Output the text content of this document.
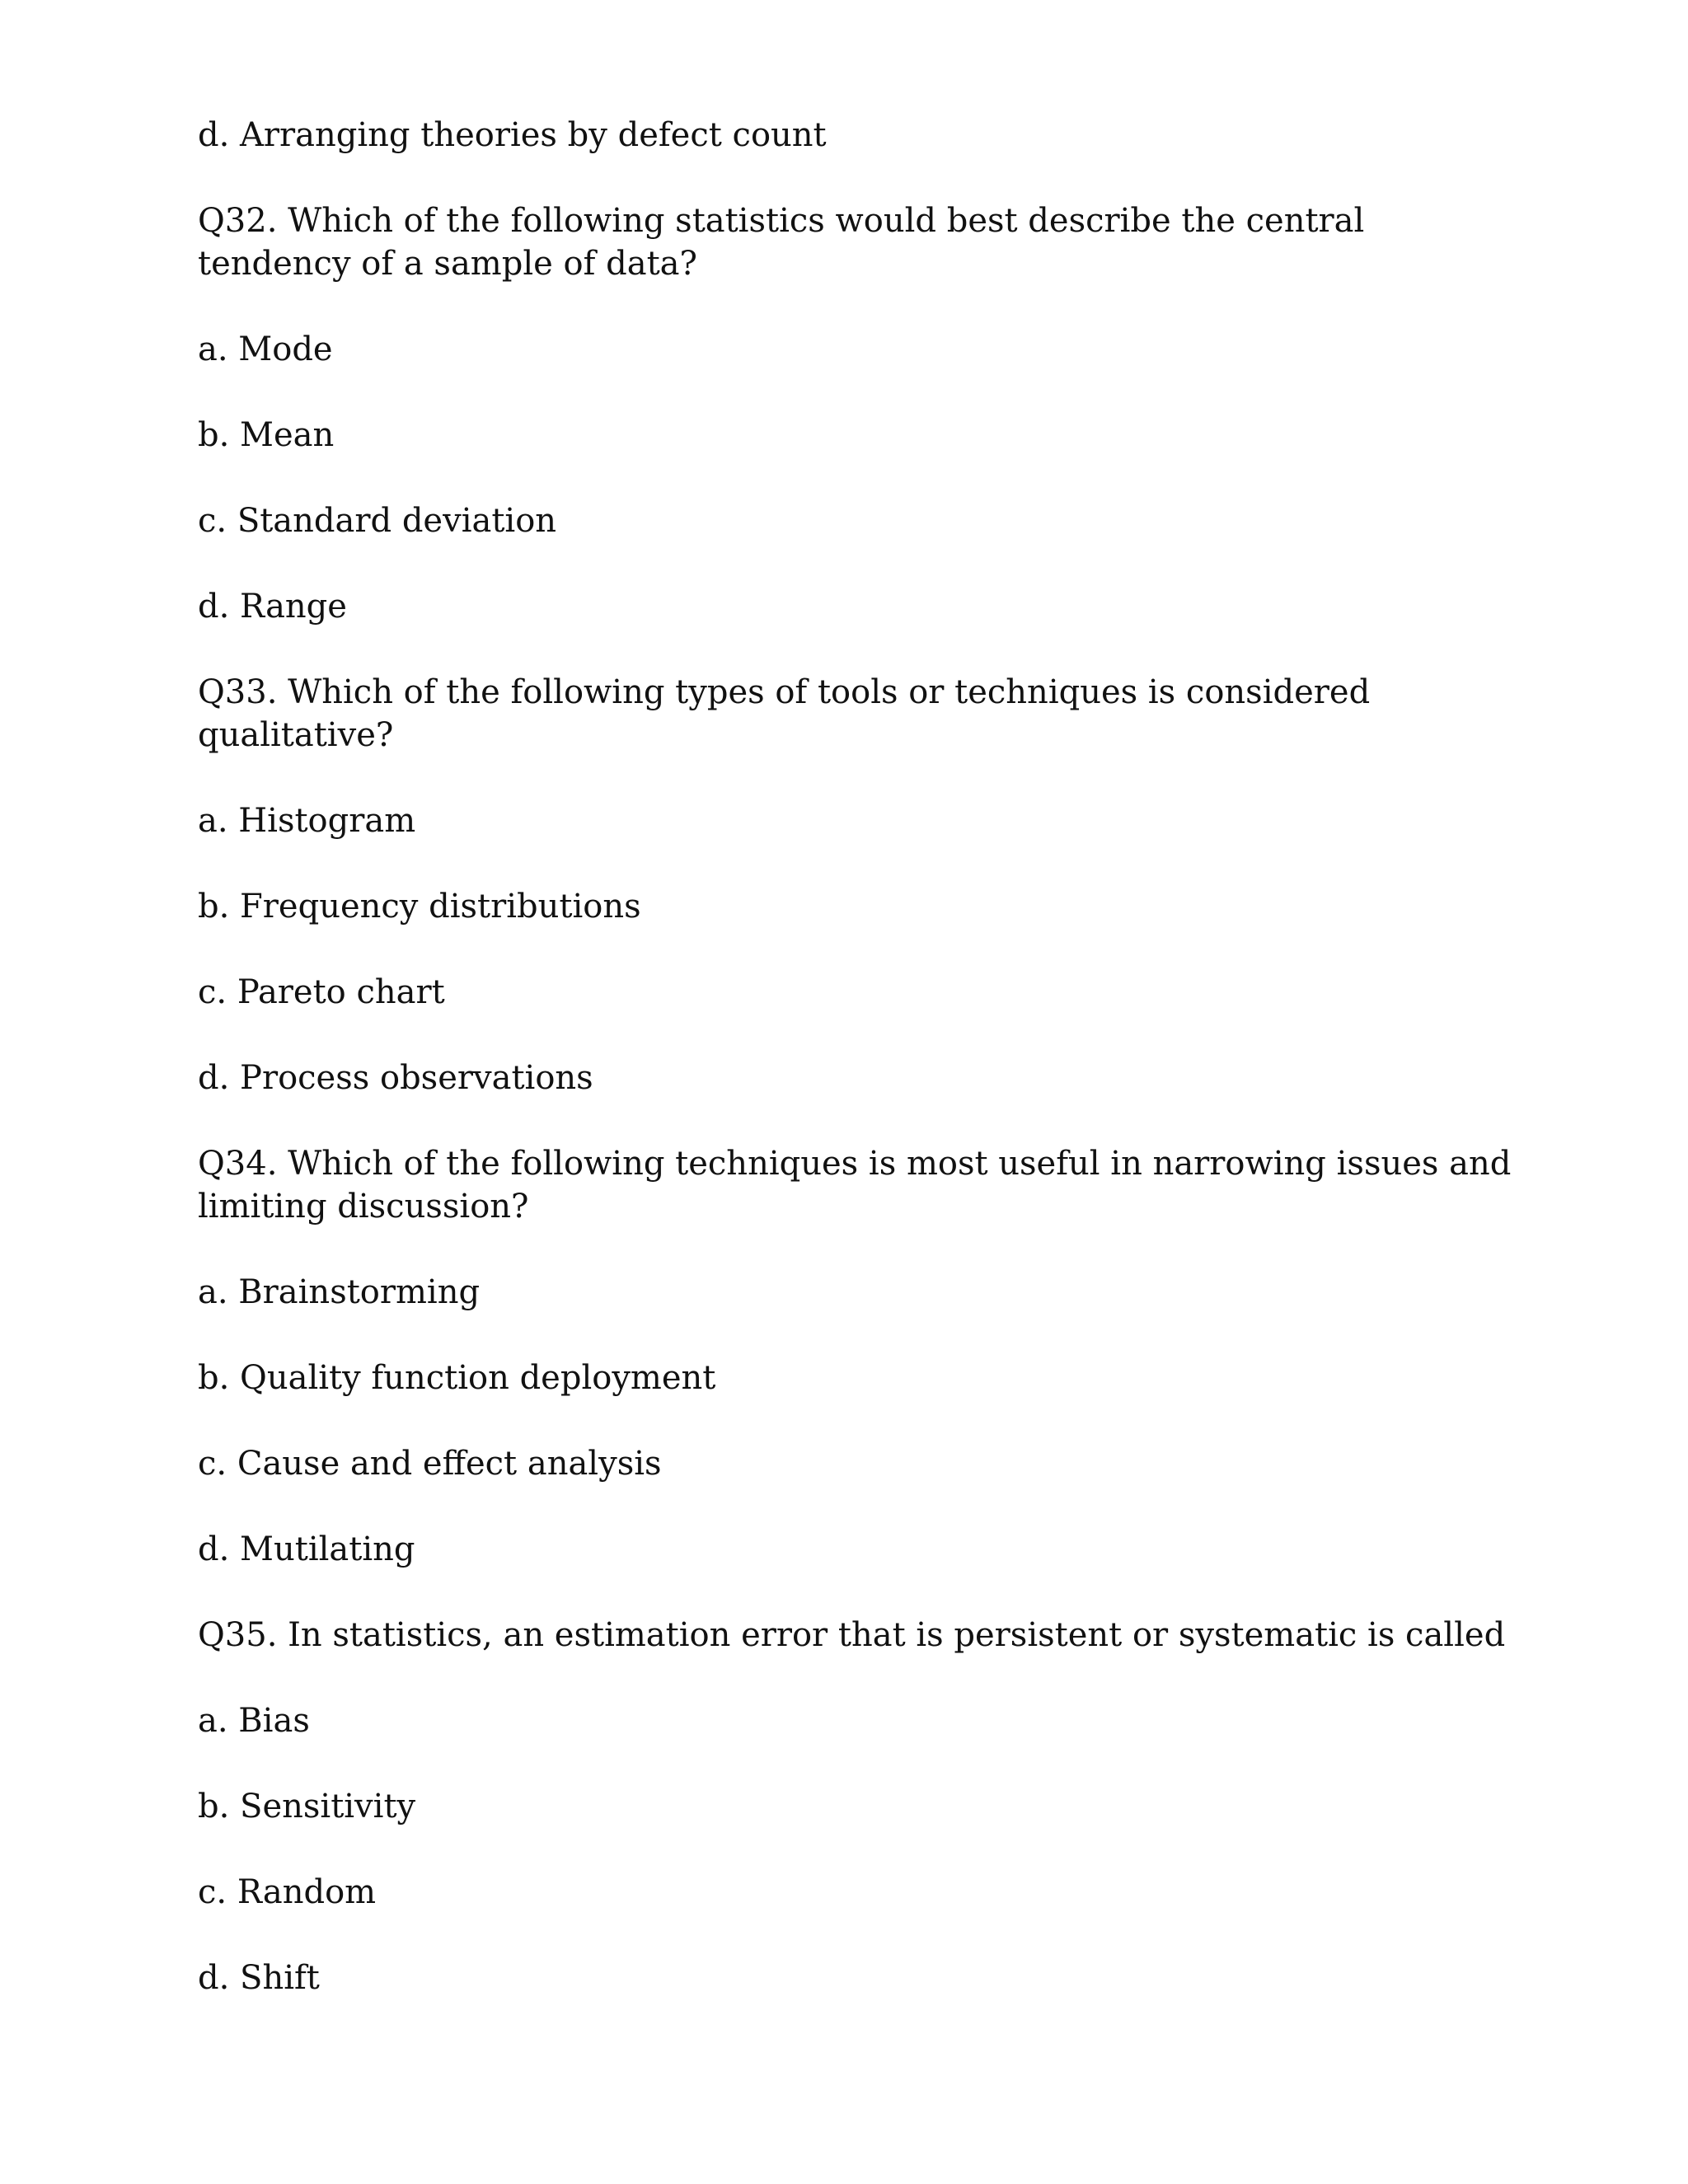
d. Arranging theories by defect count
Q32. Which of the following statistics would best describe the central tendency of a sample of data?
a. Mode
b. Mean
c. Standard deviation
d. Range
Q33. Which of the following types of tools or techniques is considered qualitative?
a. Histogram
b. Frequency distributions
c. Pareto chart
d. Process observations
Q34. Which of the following techniques is most useful in narrowing issues and limiting discussion?
a. Brainstorming
b. Quality function deployment
c. Cause and effect analysis
d. Mutilating
Q35. In statistics, an estimation error that is persistent or systematic is called
a. Bias
b. Sensitivity
c. Random
d. Shift
